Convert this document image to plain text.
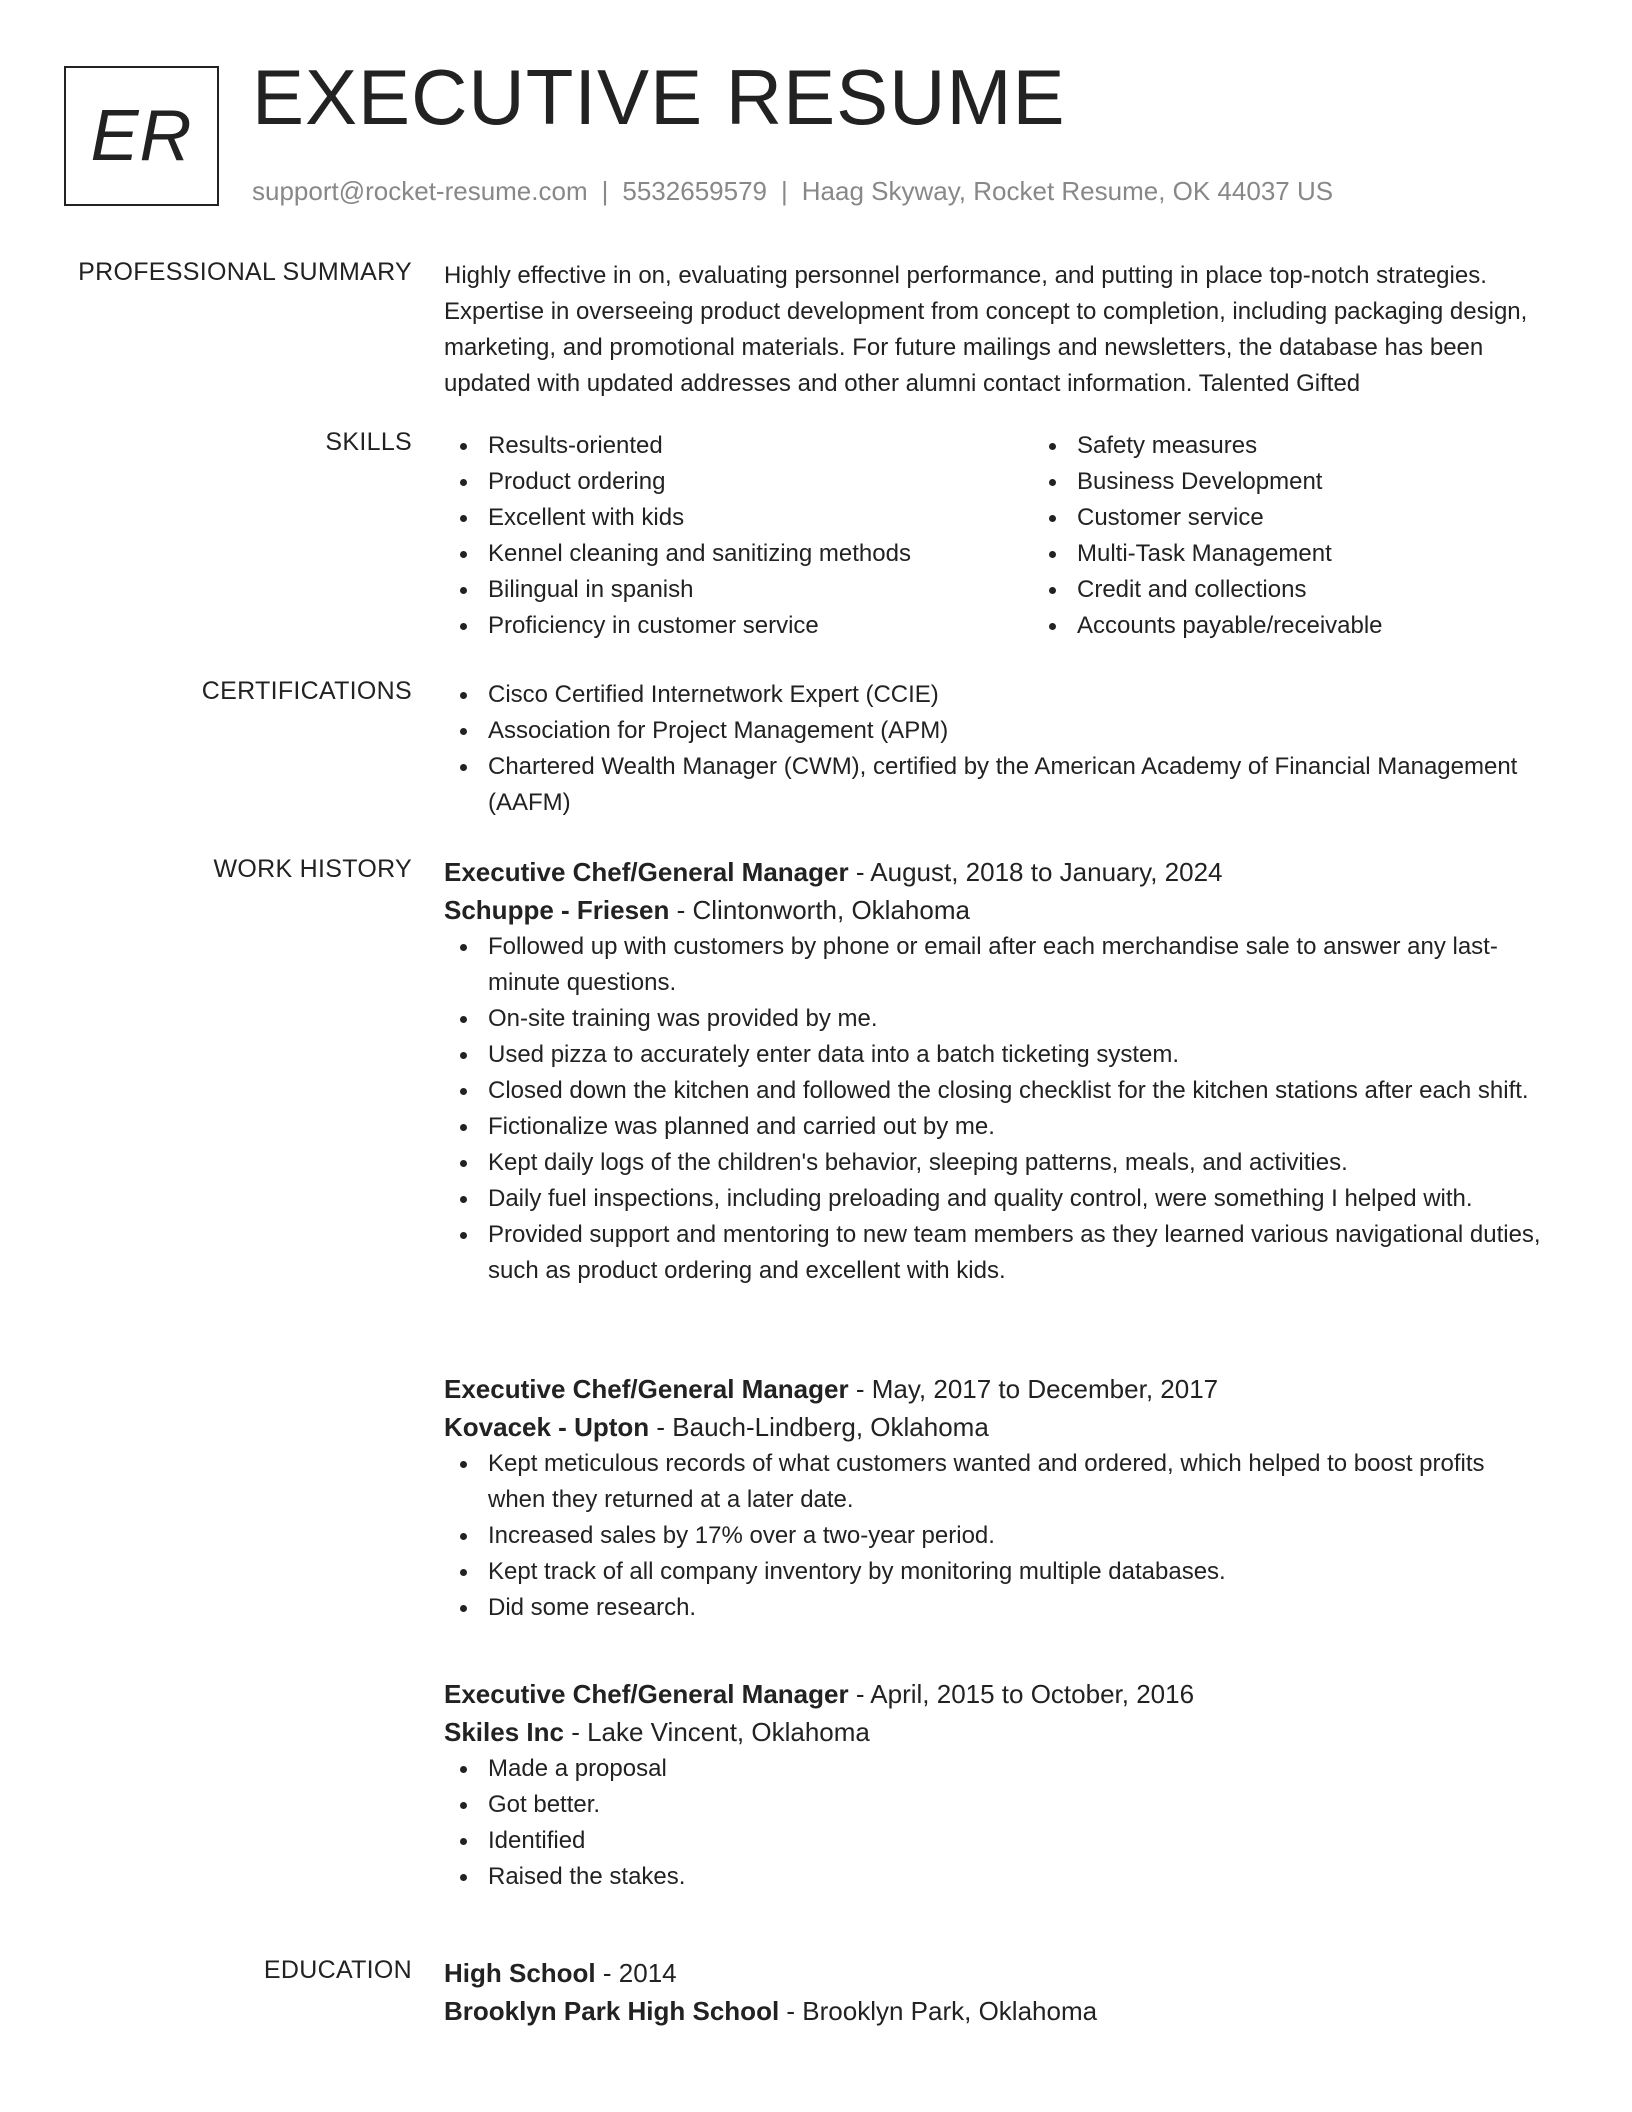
ER EXECUTIVE RESUME
support@rocket-resume.com | 5532659579 | Haag Skyway, Rocket Resume, OK 44037 US
PROFESSIONAL SUMMARY Highly effective in on, evaluating personnel performance, and putting in place top-notch strategies. Expertise in overseeing product development from concept to completion, including packaging design, marketing, and promotional materials. For future mailings and newsletters, the database has been updated with updated addresses and other alumni contact information. Talented Gifted

SKILLS	Results-oriented
Product ordering
Excellent with kids
Kennel cleaning and sanitizing methods
Bilingual in spanish
Proficiency in customer service
Safety measures
Business Development
Customer service
Multi-Task Management
Credit and collections
Accounts payable/receivable
CERTIFICATIONS	Cisco Certified Internetwork Expert (CCIE)
Association for Project Management (APM)
Chartered Wealth Manager (CWM), certified by the American Academy of Financial Management (AAFM)
WORK HISTORY Executive Chef/General Manager - August, 2018 to January, 2024
Schuppe - Friesen - Clintonworth, Oklahoma
Followed up with customers by phone or email after each merchandise sale to answer any last-minute questions.
On-site training was provided by me.
Used pizza to accurately enter data into a batch ticketing system.
Closed down the kitchen and followed the closing checklist for the kitchen stations after each shift.
Fictionalize was planned and carried out by me.
Kept daily logs of the children's behavior, sleeping patterns, meals, and activities.
Daily fuel inspections, including preloading and quality control, were something I helped with.
Provided support and mentoring to new team members as they learned various navigational duties, such as product ordering and excellent with kids.
Executive Chef/General Manager - May, 2017 to December, 2017
Kovacek - Upton - Bauch-Lindberg, Oklahoma
Kept meticulous records of what customers wanted and ordered, which helped to boost profits when they returned at a later date.
Increased sales by 17% over a two-year period.
Kept track of all company inventory by monitoring multiple databases.
Did some research.
Executive Chef/General Manager - April, 2015 to October, 2016
Skiles Inc - Lake Vincent, Oklahoma
Made a proposal
Got better.
Identified
Raised the stakes.
EDUCATION High School - 2014
Brooklyn Park High School - Brooklyn Park, Oklahoma
